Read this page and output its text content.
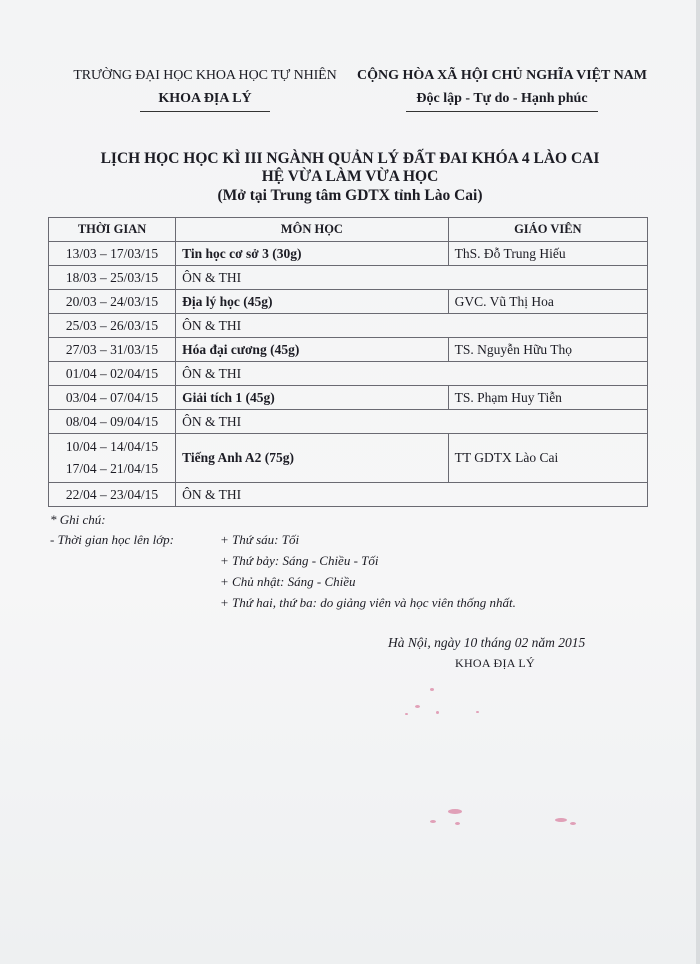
TRƯỜNG ĐẠI HỌC KHOA HỌC TỰ NHIÊN
KHOA ĐỊA LÝ
CỘNG HÒA XÃ HỘI CHỦ NGHĨA VIỆT NAM
Độc lập - Tự do - Hạnh phúc
LỊCH HỌC HỌC KÌ III NGÀNH QUẢN LÝ ĐẤT ĐAI KHÓA 4 LÀO CAI
HỆ VỪA LÀM VỪA HỌC
(Mở tại Trung tâm GDTX tỉnh Lào Cai)
THỜI GIAN	MÔN HỌC	GIÁO VIÊN
13/03 – 17/03/15	Tin học cơ sở 3 (30g)	ThS. Đỗ Trung Hiếu
18/03 – 25/03/15	ÔN & THI	
20/03 – 24/03/15	Địa lý học (45g)	GVC. Vũ Thị Hoa
25/03 – 26/03/15	ÔN & THI	
27/03 – 31/03/15	Hóa đại cương (45g)	TS. Nguyễn Hữu Thọ
01/04 – 02/04/15	ÔN & THI	
03/04 – 07/04/15	Giải tích 1 (45g)	TS. Phạm Huy Tiễn
08/04 – 09/04/15	ÔN & THI	

10/04 – 14/04/15
17/04 – 21/04/15	Tiếng Anh A2 (75g)	TT GDTX Lào Cai
22/04 – 23/04/15	ÔN & THI	
* Ghi chú:
- Thời gian học lên lớp:	+ Thứ sáu: Tối
+ Thứ bảy: Sáng - Chiều - Tối
+ Chủ nhật: Sáng - Chiều
+ Thứ hai, thứ ba: do giảng viên và học viên thống nhất.
Hà Nội, ngày 10 tháng 02 năm 2015
KHOA ĐỊA LÝ
